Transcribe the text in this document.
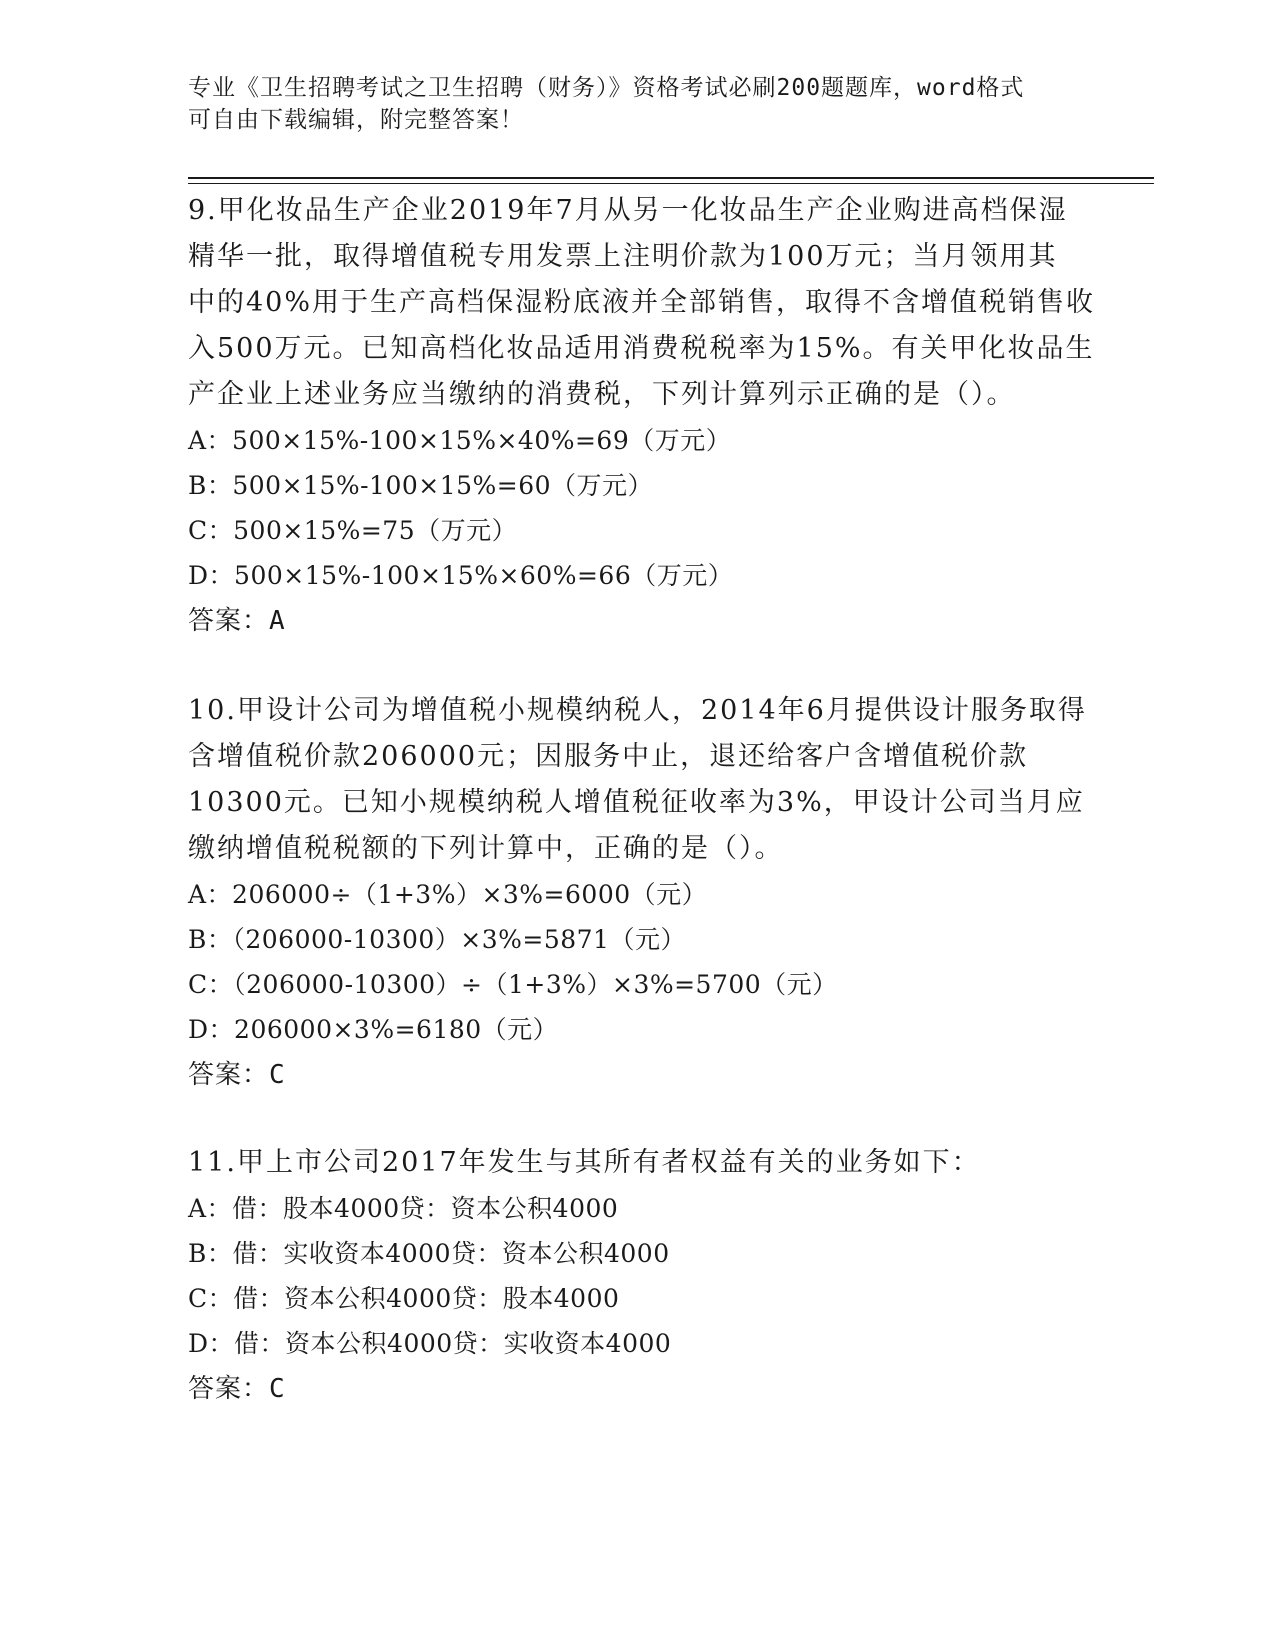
专业《卫生招聘考试之卫生招聘（财务）》资格考试必刷200题题库，word格式

可自由下载编辑，附完整答案！

9.甲化妆品生产企业2019年7月从另一化妆品生产企业购进高档保湿

精华一批，取得增值税专用发票上注明价款为100万元；当月领用其

中的40%用于生产高档保湿粉底液并全部销售，取得不含增值税销售收

入500万元。已知高档化妆品适用消费税税率为15%。有关甲化妆品生

产企业上述业务应当缴纳的消费税，下列计算列示正确的是（）。

A：500×15%-100×15%×40%=69（万元）

B：500×15%-100×15%=60（万元）

C：500×15%=75（万元）

D：500×15%-100×15%×60%=66（万元）

答案：A

10.甲设计公司为增值税小规模纳税人，2014年6月提供设计服务取得

含增值税价款206000元；因服务中止，退还给客户含增值税价款

10300元。已知小规模纳税人增值税征收率为3%，甲设计公司当月应

缴纳增值税税额的下列计算中，正确的是（）。

A：206000÷（1+3%）×3%=6000（元）

B：（206000-10300）×3%=5871（元）

C：（206000-10300）÷（1+3%）×3%=5700（元）

D：206000×3%=6180（元）

答案：C

11.甲上市公司2017年发生与其所有者权益有关的业务如下：

A：借：股本4000贷：资本公积4000

B：借：实收资本4000贷：资本公积4000

C：借：资本公积4000贷：股本4000

D：借：资本公积4000贷：实收资本4000

答案：C
